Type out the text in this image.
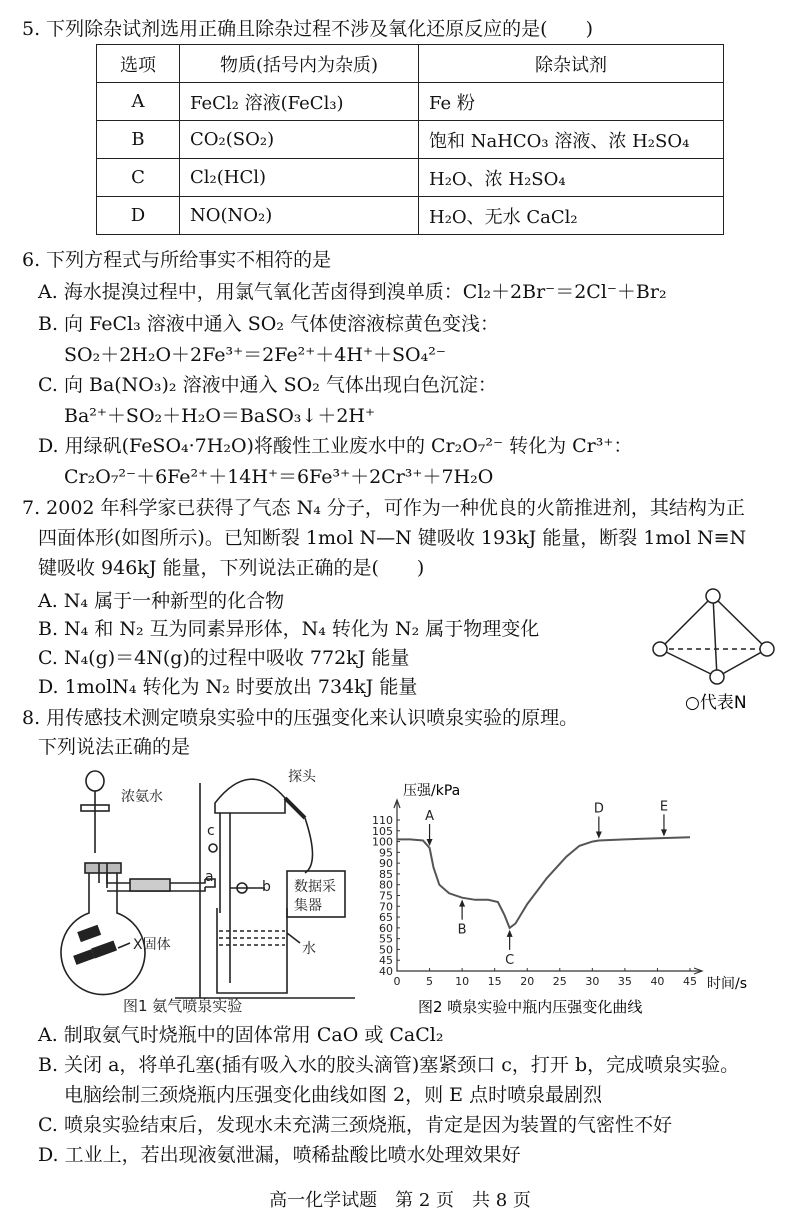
5. 下列除杂试剂选用正确且除杂过程不涉及氧化还原反应的是(　　)
选项	物质(括号内为杂质)	除杂试剂
A	FeCl₂ 溶液(FeCl₃)	Fe 粉
B	CO₂(SO₂)	饱和 NaHCO₃ 溶液、浓 H₂SO₄
C	Cl₂(HCl)	H₂O、浓 H₂SO₄
D	NO(NO₂)	H₂O、无水 CaCl₂
6. 下列方程式与所给事实不相符的是
A. 海水提溴过程中，用氯气氧化苦卤得到溴单质：Cl₂＋2Br⁻＝2Cl⁻＋Br₂
B. 向 FeCl₃ 溶液中通入 SO₂ 气体使溶液棕黄色变浅：
SO₂＋2H₂O＋2Fe³⁺＝2Fe²⁺＋4H⁺＋SO₄²⁻
C. 向 Ba(NO₃)₂ 溶液中通入 SO₂ 气体出现白色沉淀：
Ba²⁺＋SO₂＋H₂O＝BaSO₃↓＋2H⁺
D. 用绿矾(FeSO₄·7H₂O)将酸性工业废水中的 Cr₂O₇²⁻ 转化为 Cr³⁺：
Cr₂O₇²⁻＋6Fe²⁺＋14H⁺＝6Fe³⁺＋2Cr³⁺＋7H₂O
7. 2002 年科学家已获得了气态 N₄ 分子，可作为一种优良的火箭推进剂，其结构为正
四面体形(如图所示)。已知断裂 1mol N—N 键吸收 193kJ 能量，断裂 1mol N≡N
键吸收 946kJ 能量，下列说法正确的是(　　)
A. N₄ 属于一种新型的化合物
B. N₄ 和 N₂ 互为同素异形体，N₄ 转化为 N₂ 属于物理变化
C. N₄(g)＝4N(g)的过程中吸收 772kJ 能量
D. 1molN₄ 转化为 N₂ 时要放出 734kJ 能量
○代表N
8. 用传感技术测定喷泉实验中的压强变化来认识喷泉实验的原理。
下列说法正确的是
浓氨水
探头
数据采
集器
X固体	水
a
b
c
图1 氨气喷泉实验
0 5 10 15 20 25 30 35 40 45
40
45
50
55
60
65
70
75
80
85
90
95
100
105
110 A
B
C
D	E
压强/kPa
时间/s
图2 喷泉实验中瓶内压强变化曲线
高一化学试题　第 2 页　共 8 页
A. 制取氨气时烧瓶中的固体常用 CaO 或 CaCl₂
B. 关闭 a，将单孔塞(插有吸入水的胶头滴管)塞紧颈口 c，打开 b，完成喷泉实验。
电脑绘制三颈烧瓶内压强变化曲线如图 2，则 E 点时喷泉最剧烈
C. 喷泉实验结束后，发现水未充满三颈烧瓶，肯定是因为装置的气密性不好
D. 工业上，若出现液氨泄漏，喷稀盐酸比喷水处理效果好
